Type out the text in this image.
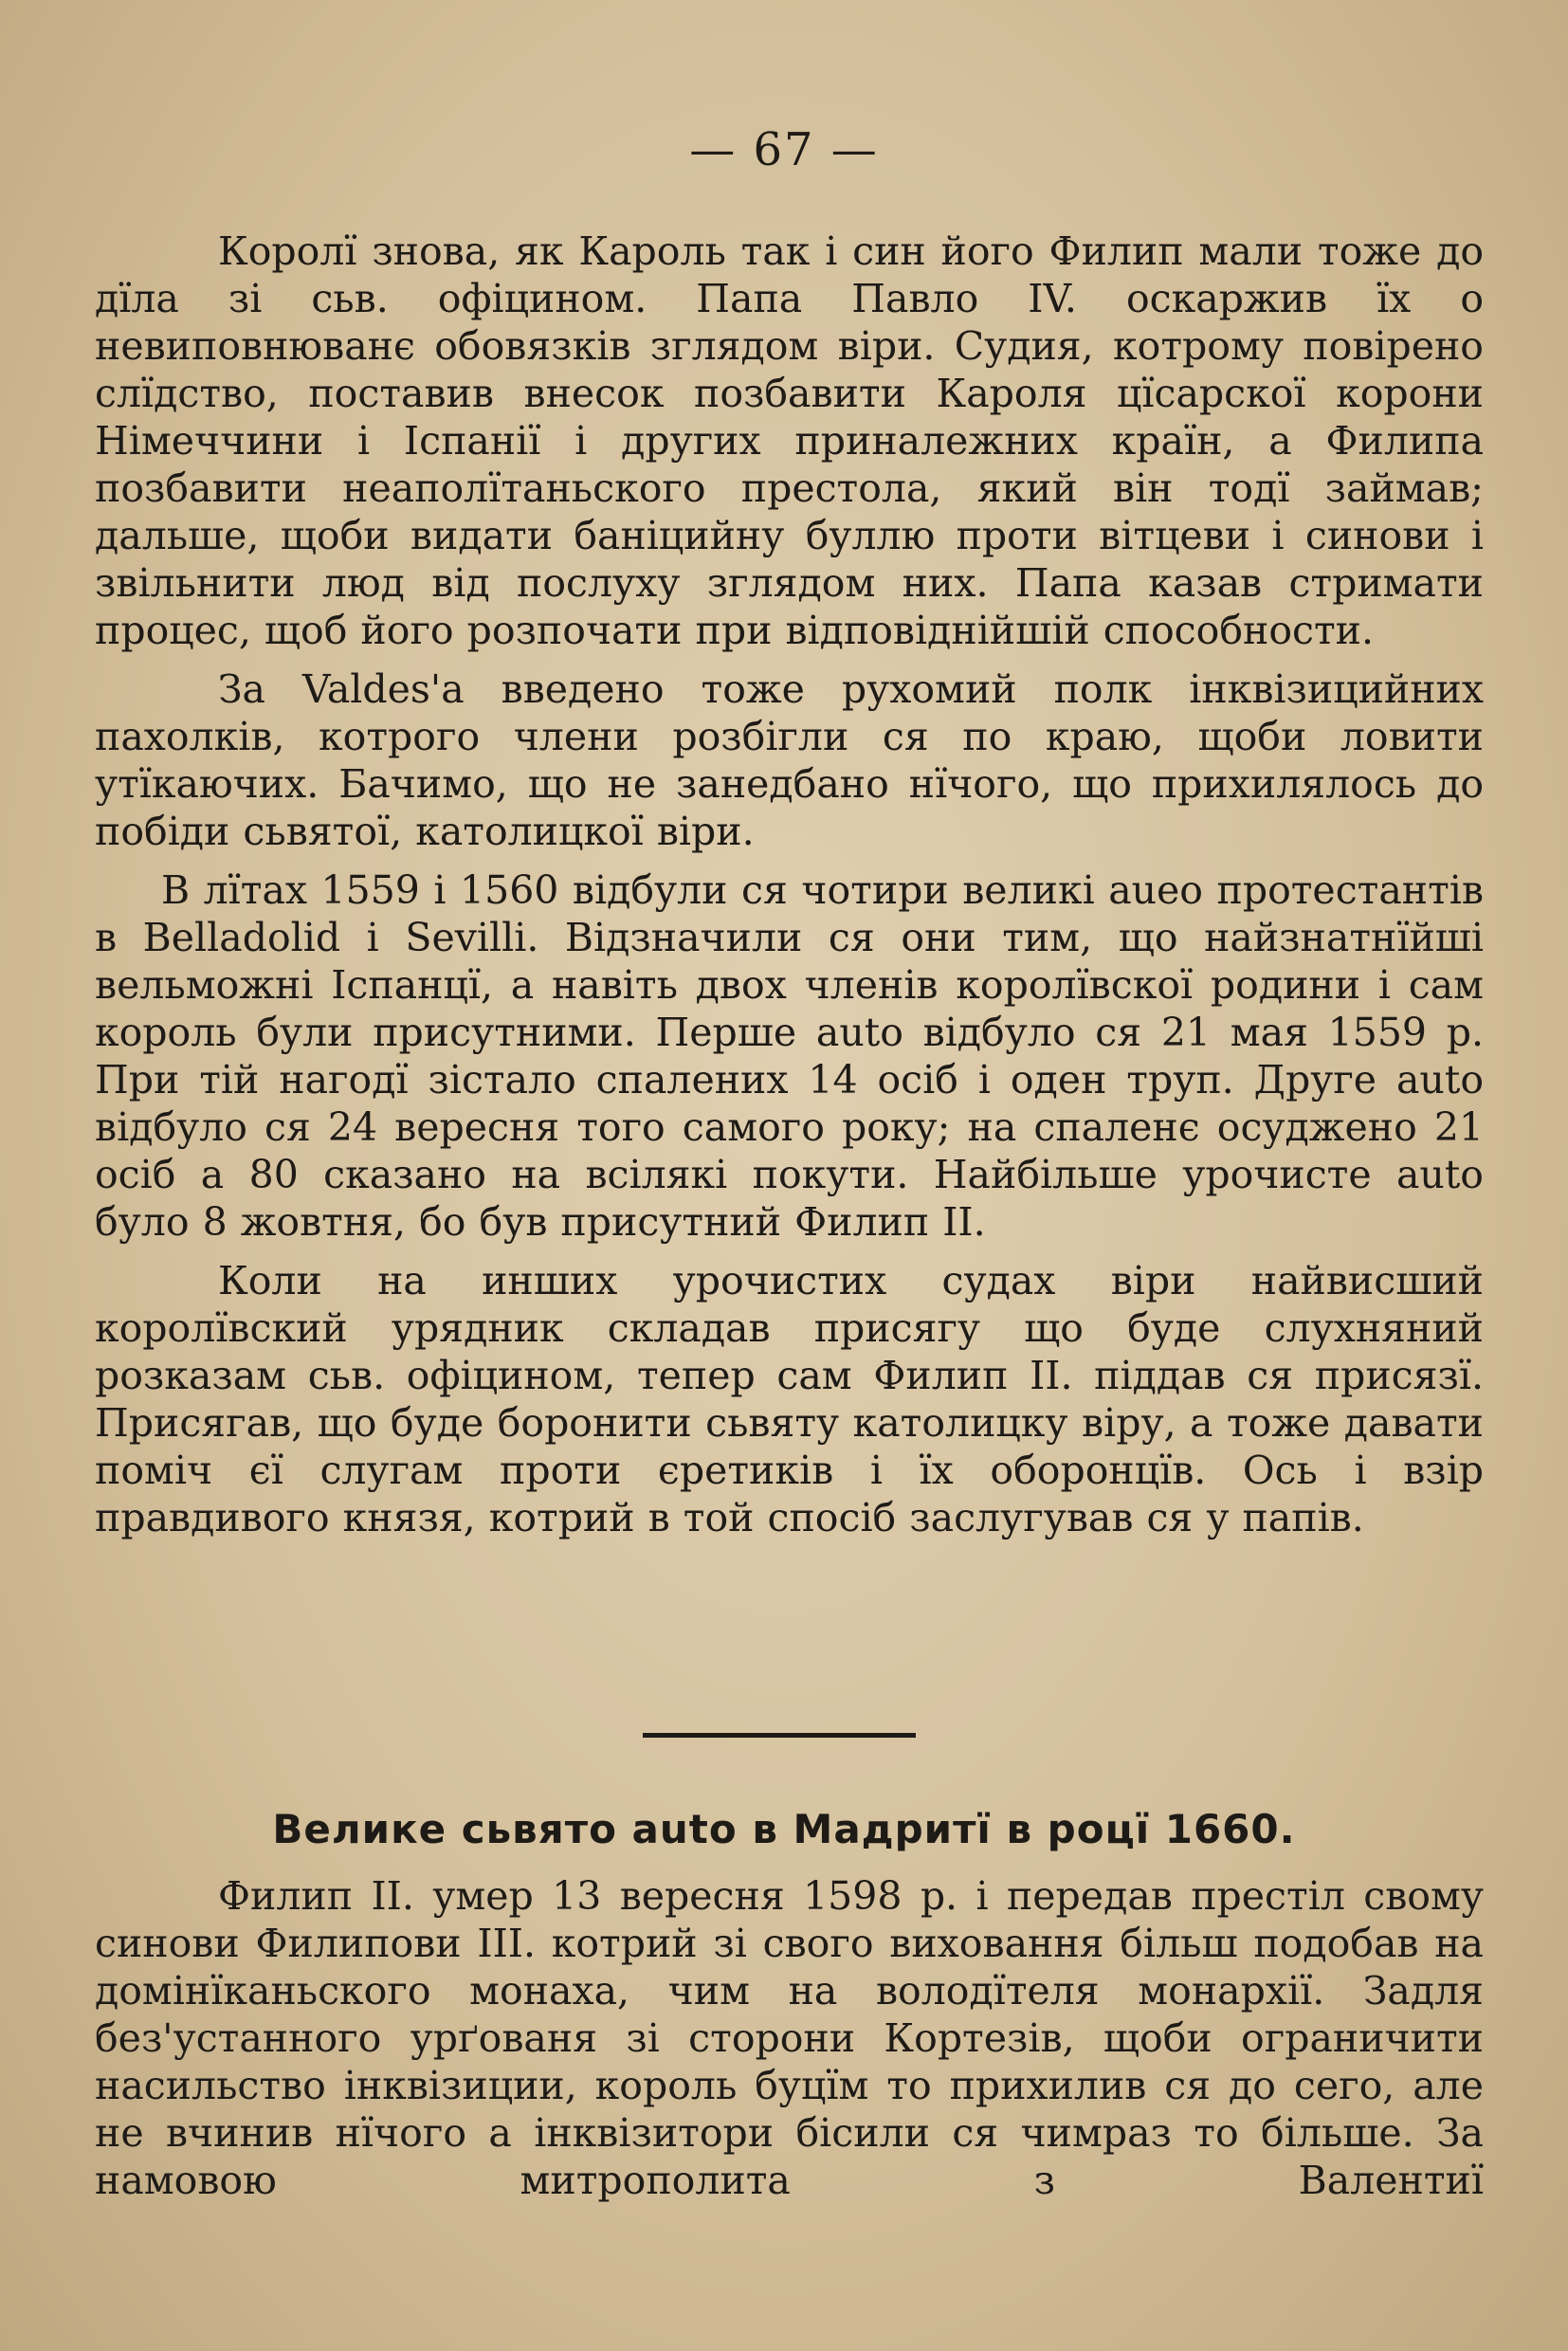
— 67 —

Королї знова, як Кароль так і син його Филип мали тоже до дїла зі сьв. офіцином. Папа Павло IV. оскаржив їх о невиповнюванє обовязків зглядом віри. Судия, котрому повірено слїдство, поставив внесок позбавити Кароля цїсарскої корони Німеччини і Іспанії і других приналежних країн, а Филипа позбавити неаполїтаньского престола, який він тодї займав; дальше, щоби видати баніцийну буллю проти вітцеви і синови і звільнити люд від послуху зглядом них. Папа казав стримати процес, щоб його розпочати при відповіднійшій способности.

За Valdes'а введено тоже рухомий полк інквізицийних пахолків, котрого члени розбігли ся по краю, щоби ловити утїкаючих. Бачимо, що не занедбано нїчого, що прихилялось до побіди сьвятої, католицкої віри.

В лїтах 1559 і 1560 відбули ся чотири великі auео протестантів в Belladolid і Sevilli. Відзначили ся они тим, що найзнатнїйші вельможні Іспанцї, а навіть двох членів королївскої родини і сам король були присутними. Перше auto відбуло ся 21 мая 1559 р. При тій нагодї зістало спалених 14 осіб і оден труп. Друге auto відбуло ся 24 вересня того самого року; на спаленє осуджено 21 осіб а 80 сказано на всілякі покути. Найбільше урочисте auto було 8 жовтня, бо був присутний Филип II.

Коли на инших урочистих судах віри найвисший королївский урядник складав присягу що буде слухняний розказам сьв. офіцином, тепер сам Филип II. піддав ся присязї. Присягав, що буде боронити сьвяту католицку віру, а тоже давати поміч єї слугам проти єретиків і їх оборонцїв. Ось і взір правдивого князя, котрий в той спосіб заслугував ся у папів.

Велике сьвято auto в Мадритї в роцї 1660.

Филип II. умер 13 вересня 1598 р. і передав престіл свому синови Филипови III. котрий зі свого виховання більш подобав на домінїканьского монаха, чим на володїтеля монархії. Задля без'устанного урґованя зі сторони Кортезів, щоби ограничити насильство інквізиции, король буцїм то прихилив ся до сего, але не вчинив нїчого а інквізитори бісили ся чимраз то більше. За намовою митрополита з Валентиї
